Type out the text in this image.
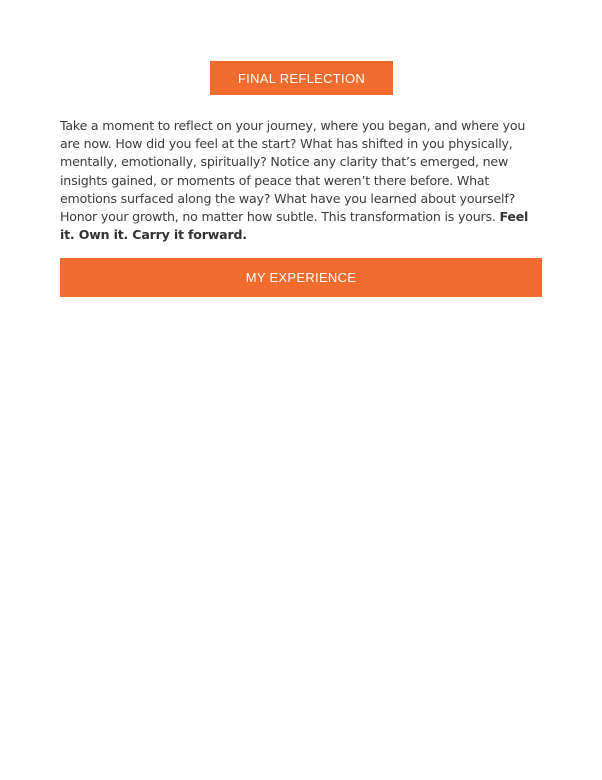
FINAL REFLECTION

Take a moment to reflect on your journey, where you began, and where you are now. How did you feel at the start? What has shifted in you physically, mentally, emotionally, spiritually? Notice any clarity that’s emerged, new insights gained, or moments of peace that weren’t there before. What emotions surfaced along the way? What have you learned about yourself? Honor your growth, no matter how subtle. This transformation is yours. Feel it. Own it. Carry it forward.

MY EXPERIENCE
